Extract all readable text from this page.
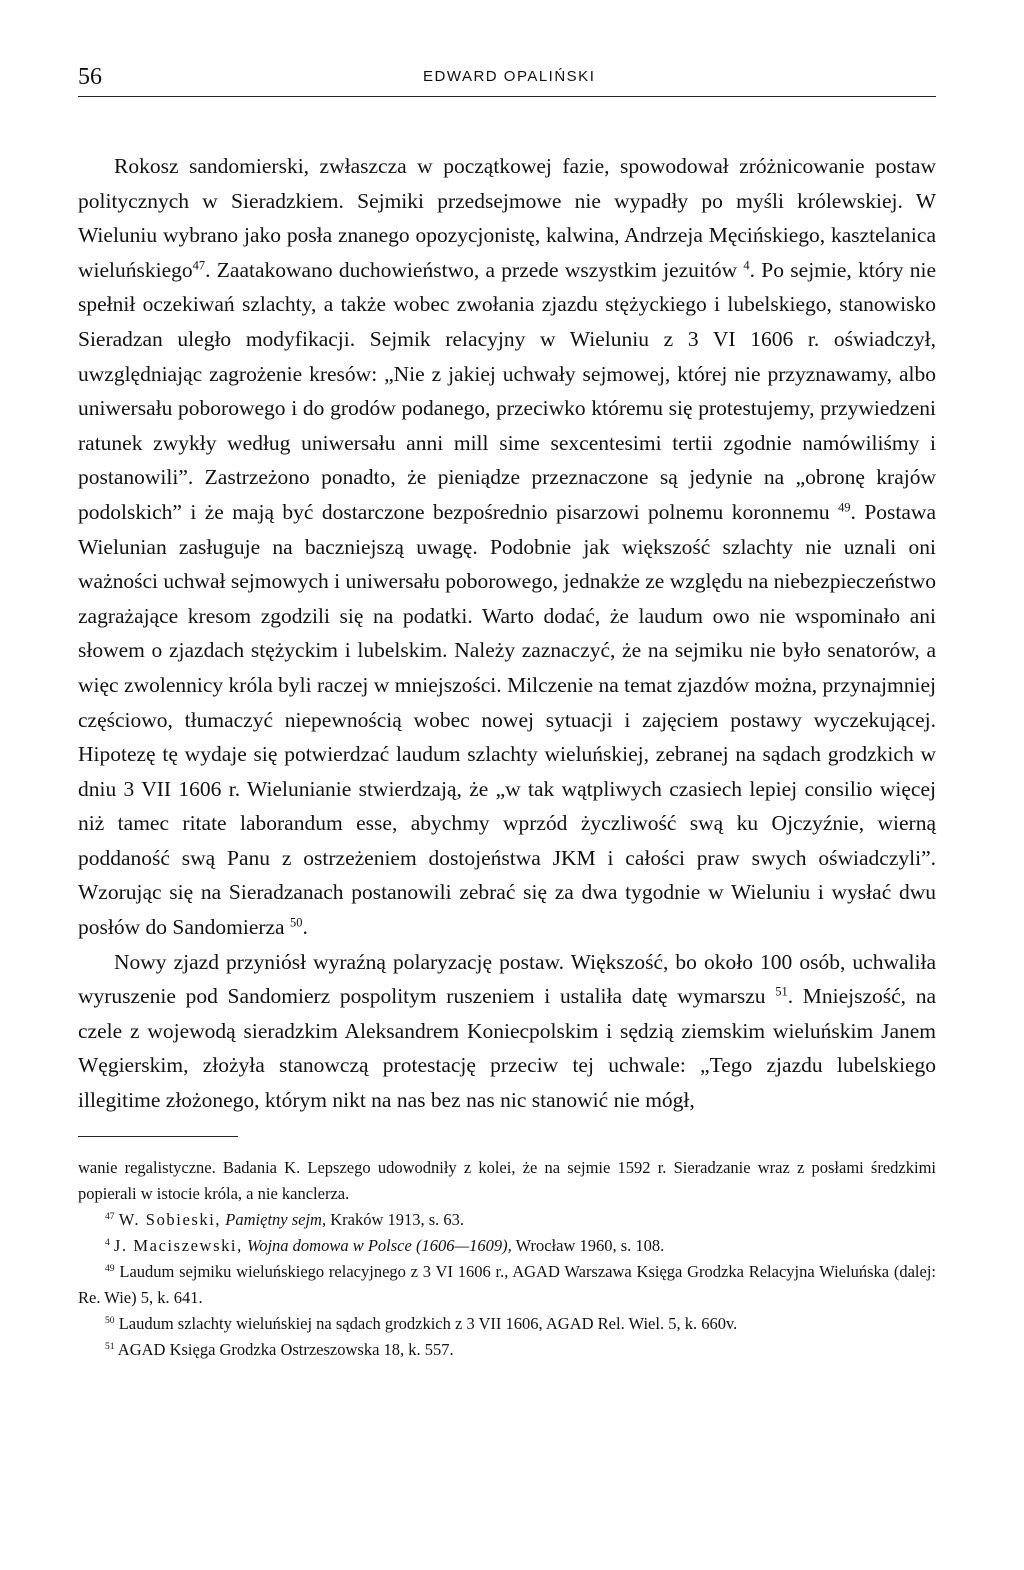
56	EDWARD OPALIŃSKI

Rokosz sandomierski, zwłaszcza w początkowej fazie, spowodował zróżnicowanie postaw politycznych w Sieradzkiem. Sejmiki przedsejmowe nie wypadły po myśli królewskiej. W Wieluniu wybrano jako posła znanego opozycjonistę, kalwina, Andrzeja Męcińskiego, kasztelanica wieluńskiego$^{47}$. Zaatakowano duchowieństwo, a przede wszystkim jezuitów $^4$. Po sejmie, który nie spełnił oczekiwań szlachty, a także wobec zwołania zjazdu stężyckiego i lubelskiego, stanowisko Sieradzan uległo modyfikacji. Sejmik relacyjny w Wieluniu z 3 VI 1606 r. oświadczył, uwzględniając zagrożenie kresów: „Nie z jakiej uchwały sejmowej, której nie przyznawamy, albo uniwersału poborowego i do grodów podanego, przeciwko któremu się protestujemy, przywiedzeni ratunek zwykły według uniwersału anni mill sime sexcentesimi tertii zgodnie namówiliśmy i postanowili”. Zastrzeżono ponadto, że pieniądze przeznaczone są jedynie na „obronę krajów podolskich” i że mają być dostarczone bezpośrednio pisarzowi polnemu koronnemu $^{49}$. Postawa Wielunian zasługuje na baczniejszą uwagę. Podobnie jak większość szlachty nie uznali oni ważności uchwał sejmowych i uniwersału poborowego, jednakże ze względu na niebezpieczeństwo zagrażające kresom zgodzili się na podatki. Warto dodać, że laudum owo nie wspominało ani słowem o zjazdach stężyckim i lubelskim. Należy zaznaczyć, że na sejmiku nie było senatorów, a więc zwolennicy króla byli raczej w mniejszości. Milczenie na temat zjazdów można, przynajmniej częściowo, tłumaczyć niepewnością wobec nowej sytuacji i zajęciem postawy wyczekującej. Hipotezę tę wydaje się potwierdzać laudum szlachty wieluńskiej, zebranej na sądach grodzkich w dniu 3 VII 1606 r. Wielunianie stwierdzają, że „w tak wątpliwych czasiech lepiej consilio więcej niż tamec ritate laborandum esse, abychmy wprzód życzliwość swą ku Ojczyźnie, wierną poddaność swą Panu z ostrzeżeniem dostojeństwa JKM i całości praw swych oświadczyli”. Wzorując się na Sieradzanach postanowili zebrać się za dwa tygodnie w Wieluniu i wysłać dwu posłów do Sandomierza $^{50}$.

Nowy zjazd przyniósł wyraźną polaryzację postaw. Większość, bo około 100 osób, uchwaliła wyruszenie pod Sandomierz pospolitym ruszeniem i ustaliła datę wymarszu $^{51}$. Mniejszość, na czele z wojewodą sieradzkim Aleksandrem Koniecpolskim i sędzią ziemskim wieluńskim Janem Węgierskim, złożyła stanowczą protestację przeciw tej uchwale: „Tego zjazdu lubelskiego illegitime złożonego, którym nikt na nas bez nas nic stanowić nie mógł,

wanie regalistyczne. Badania K. Lepszego udowodniły z kolei, że na sejmie 1592 r. Sieradzanie wraz z posłami średzkimi popierali w istocie króla, a nie kanclerza.

$^{47}$ W. Sobieski, Pamiętny sejm, Kraków 1913, s. 63.

$^4$ J. Maciszewski, Wojna domowa w Polsce (1606—1609), Wrocław 1960, s. 108.

$^{49}$ Laudum sejmiku wieluńskiego relacyjnego z 3 VI 1606 r., AGAD Warszawa Księga Grodzka Relacyjna Wieluńska (dalej: Re. Wie) 5, k. 641.

$^{50}$ Laudum szlachty wieluńskiej na sądach grodzkich z 3 VII 1606, AGAD Rel. Wiel. 5, k. 660v.

$^{51}$ AGAD Księga Grodzka Ostrzeszowska 18, k. 557.
